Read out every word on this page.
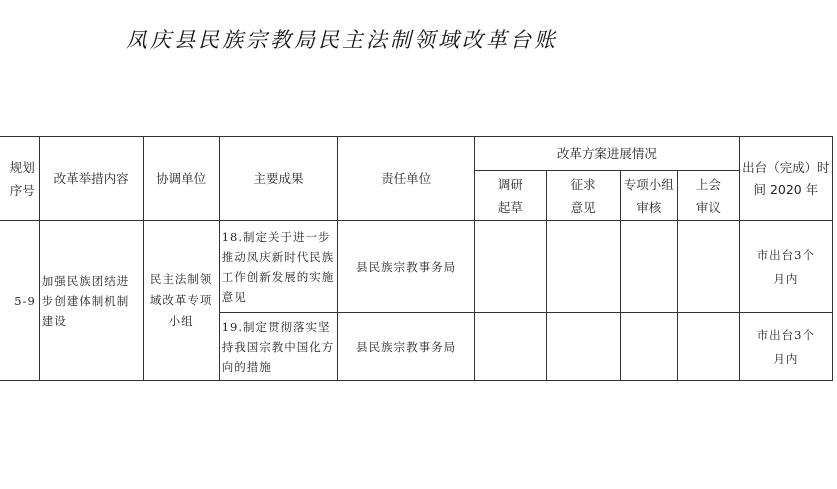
凤庆县民族宗教局民主法制领域改革台账
规划序号	改革举措内容	协调单位	主要成果	责任单位	改革方案进展情况				出台（完成）时间 2020 年
					调研起草	征求意见	专项小组审核	上会审议	
5-9	加强民族团结进步创建体制机制建设	民主法制领域改革专项小组	18.制定关于进一步推动凤庆新时代民族工作创新发展的实施意见	县民族宗教事务局					市出台3个月内
			19.制定贯彻落实坚持我国宗教中国化方向的措施	县民族宗教事务局					市出台3个月内
